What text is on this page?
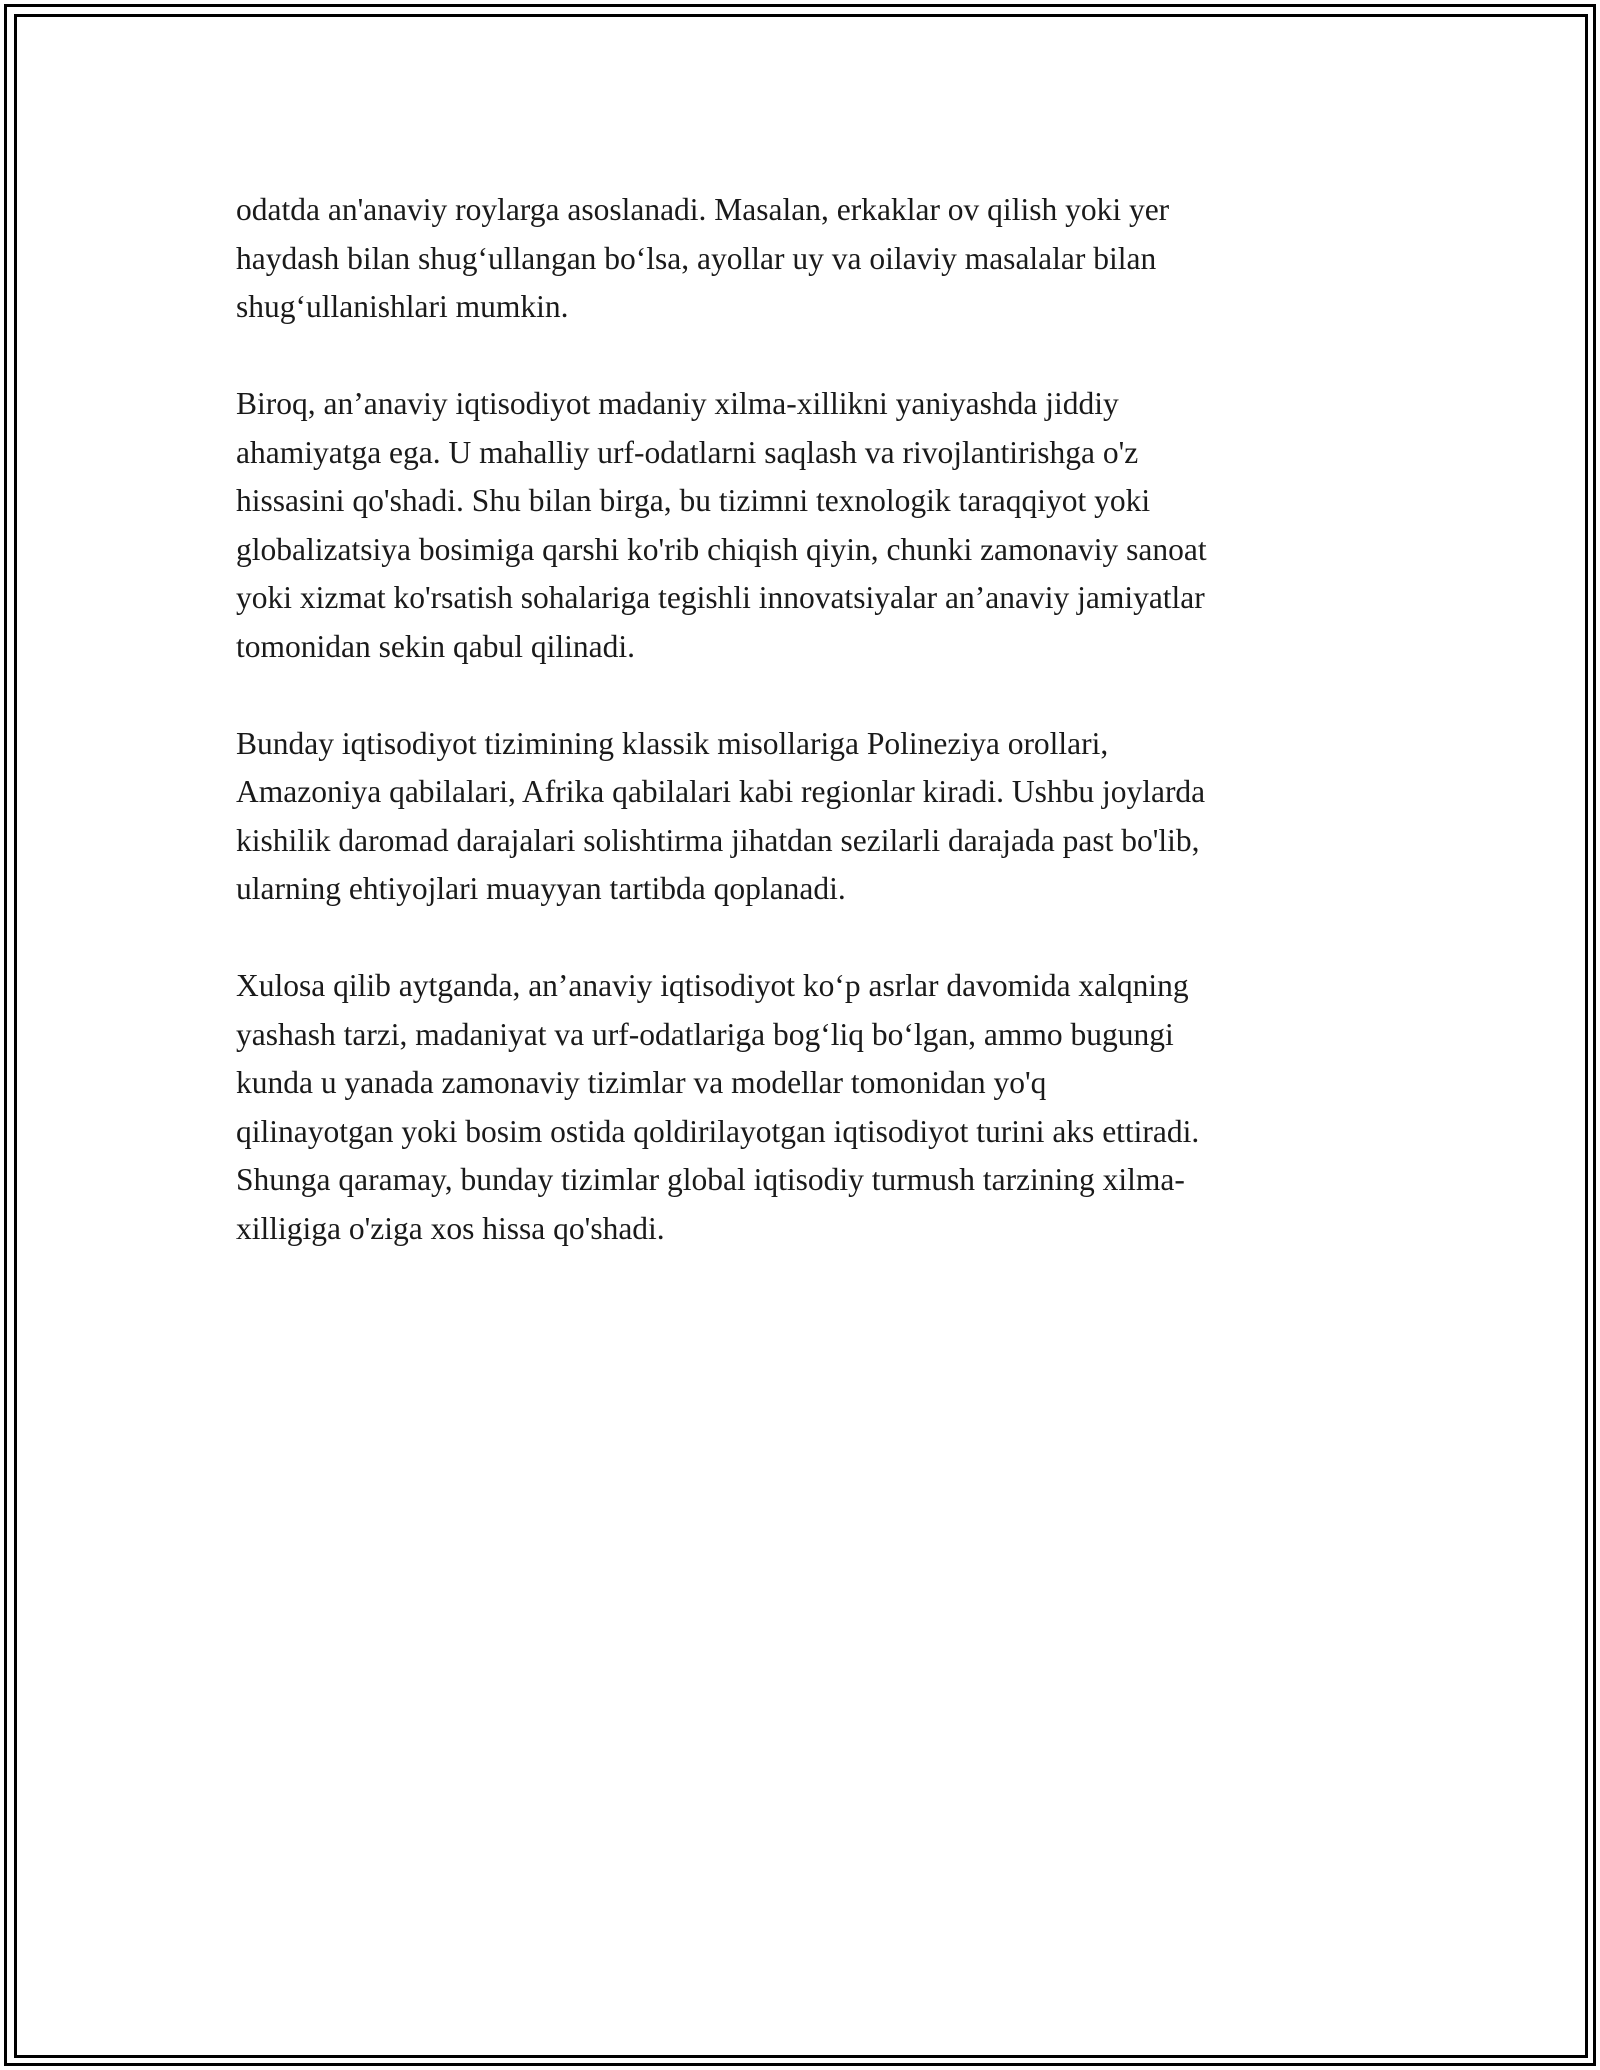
odatda an'anaviy roylarga asoslanadi. Masalan, erkaklar ov qilish yoki yer
haydash bilan shug‘ullangan bo‘lsa, ayollar uy va oilaviy masalalar bilan
shug‘ullanishlari mumkin.

Biroq, an’anaviy iqtisodiyot madaniy xilma-xillikni yaniyashda jiddiy
ahamiyatga ega. U mahalliy urf-odatlarni saqlash va rivojlantirishga o'z
hissasini qo'shadi. Shu bilan birga, bu tizimni texnologik taraqqiyot yoki
globalizatsiya bosimiga qarshi ko'rib chiqish qiyin, chunki zamonaviy sanoat
yoki xizmat ko'rsatish sohalariga tegishli innovatsiyalar an’anaviy jamiyatlar
tomonidan sekin qabul qilinadi.

Bunday iqtisodiyot tizimining klassik misollariga Polineziya orollari,
Amazoniya qabilalari, Afrika qabilalari kabi regionlar kiradi. Ushbu joylarda
kishilik daromad darajalari solishtirma jihatdan sezilarli darajada past bo'lib,
ularning ehtiyojlari muayyan tartibda qoplanadi.

Xulosa qilib aytganda, an’anaviy iqtisodiyot ko‘p asrlar davomida xalqning
yashash tarzi, madaniyat va urf-odatlariga bog‘liq bo‘lgan, ammo bugungi
kunda u yanada zamonaviy tizimlar va modellar tomonidan yo'q
qilinayotgan yoki bosim ostida qoldirilayotgan iqtisodiyot turini aks ettiradi.
Shunga qaramay, bunday tizimlar global iqtisodiy turmush tarzining xilma-
xilligiga o'ziga xos hissa qo'shadi.
